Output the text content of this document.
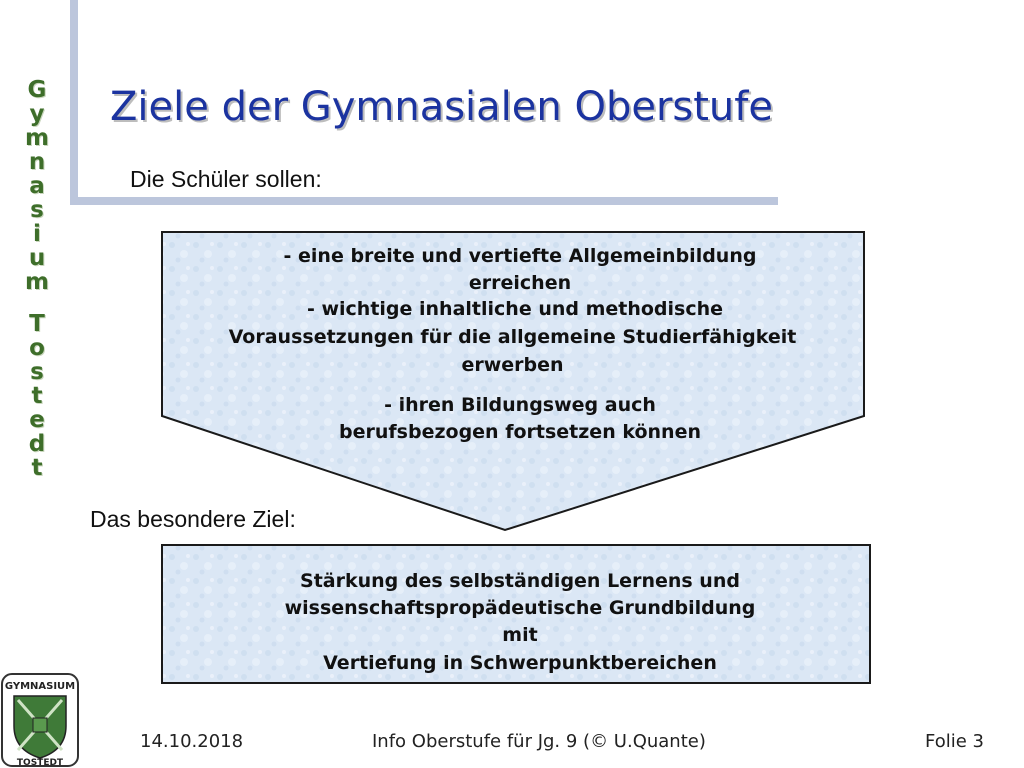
G
y
m
n
a
s
i
u
m
T
o
s
t
e
d
t
Ziele der Gymnasialen Oberstufe
Die Schüler sollen:
- eine breite und vertiefte Allgemeinbildung
erreichen
- wichtige inhaltliche und methodische
Voraussetzungen für die allgemeine Studierfähigkeit
erwerben
- ihren Bildungsweg auch
berufsbezogen fortsetzen können
Das besondere Ziel:
Stärkung des selbständigen Lernens und
wissenschaftspropädeutische Grundbildung
mit
Vertiefung in Schwerpunktbereichen
GYMNASIUM
TOSTEDT
14.10.2018	Info Oberstufe für Jg. 9 (© U.Quante)	Folie 3
